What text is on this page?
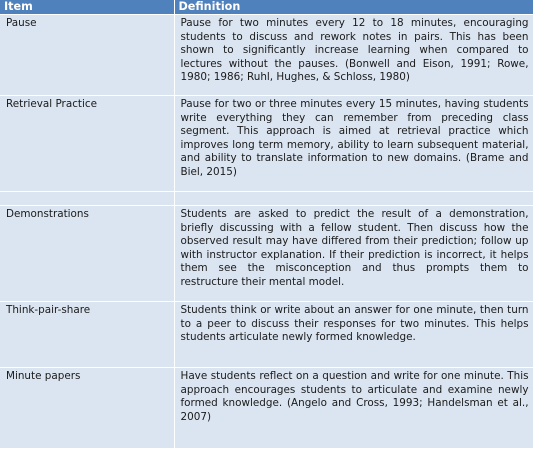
Item	Definition
Pause	Pause for two minutes every 12 to 18 minutes, encouraging students to discuss and rework notes in pairs. This has been shown to significantly increase learning when compared to lectures without the pauses. (Bonwell and Eison, 1991; Rowe, 1980; 1986; Ruhl, Hughes, & Schloss, 1980)
Retrieval Practice	Pause for two or three minutes every 15 minutes, having students write everything they can remember from preceding class segment. This approach is aimed at retrieval practice which improves long term memory, ability to learn subsequent material, and ability to translate information to new domains. (Brame and Biel, 2015)

Demonstrations	Students are asked to predict the result of a demonstration, briefly discussing with a fellow student. Then discuss how the observed result may have differed from their prediction; follow up with instructor explanation. If their prediction is incorrect, it helps them see the misconception and thus prompts them to restructure their mental model.
Think-pair-share	Students think or write about an answer for one minute, then turn to a peer to discuss their responses for two minutes. This helps students articulate newly formed knowledge.
Minute papers	Have students reflect on a question and write for one minute. This approach encourages students to articulate and examine newly formed knowledge. (Angelo and Cross, 1993; Handelsman et al., 2007)
